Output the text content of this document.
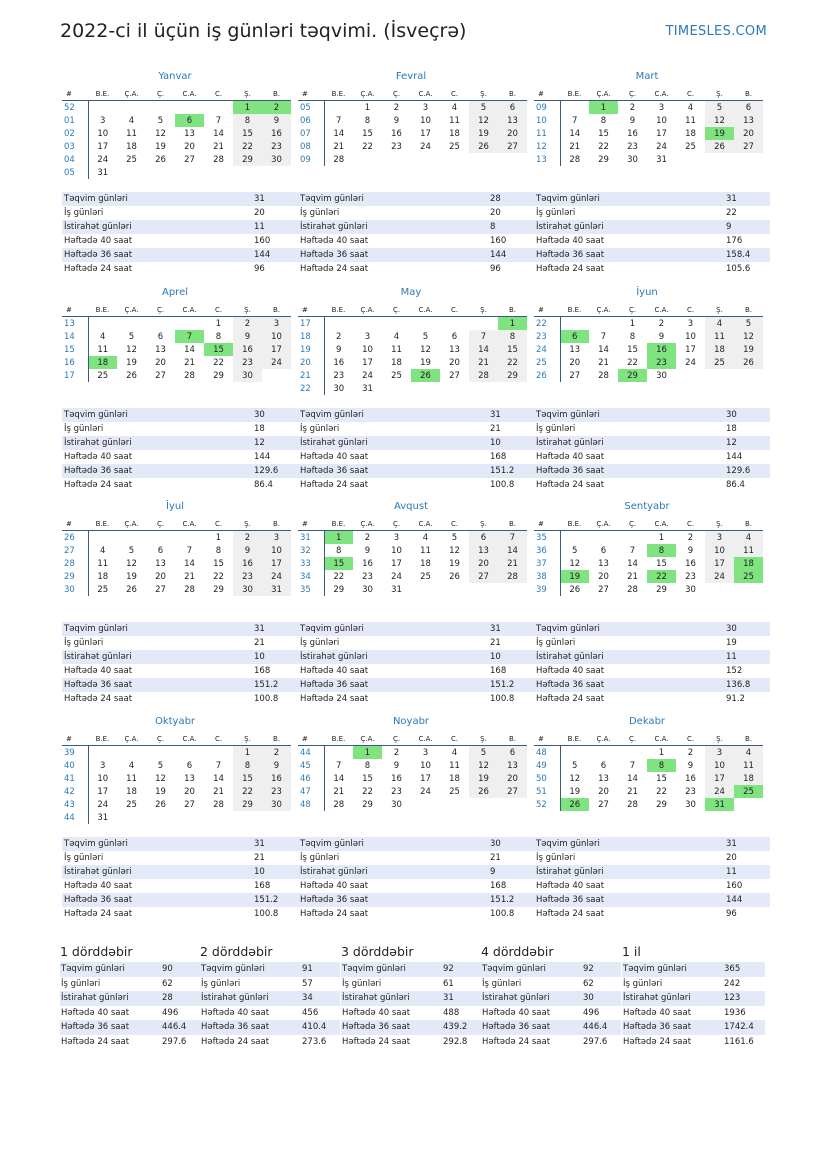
2022-ci il üçün iş günləri təqvimi. (İsveçrə)	TIMESLES.COM
Yanvar
#	B.E.	Ç.A.	Ç.	C.A.	C.	Ş.	B.
52						1	2
01	3	4	5	6	7	8	9
02	10	11	12	13	14	15	16
03	17	18	19	20	21	22	23
04	24	25	26	27	28	29	30
05	31						
Təqvim günləri	31
İş günləri	20
İstirahət günləri	11
Həftədə 40 saat	160
Həftədə 36 saat	144
Həftədə 24 saat	96
Fevral
#	B.E.	Ç.A.	Ç.	C.A.	C.	Ş.	B.
05		1	2	3	4	5	6
06	7	8	9	10	11	12	13
07	14	15	16	17	18	19	20
08	21	22	23	24	25	26	27
09	28						
Təqvim günləri	28
İş günləri	20
İstirahət günləri	8
Həftədə 40 saat	160
Həftədə 36 saat	144
Həftədə 24 saat	96
Mart
#	B.E.	Ç.A.	Ç.	C.A.	C.	Ş.	B.
09		1	2	3	4	5	6
10	7	8	9	10	11	12	13
11	14	15	16	17	18	19	20
12	21	22	23	24	25	26	27
13	28	29	30	31			
Təqvim günləri	31
İş günləri	22
İstirahət günləri	9
Həftədə 40 saat	176
Həftədə 36 saat	158.4
Həftədə 24 saat	105.6
Aprel
#	B.E.	Ç.A.	Ç.	C.A.	C.	Ş.	B.
13					1	2	3
14	4	5	6	7	8	9	10
15	11	12	13	14	15	16	17
16	18	19	20	21	22	23	24
17	25	26	27	28	29	30	
Təqvim günləri	30
İş günləri	18
İstirahət günləri	12
Həftədə 40 saat	144
Həftədə 36 saat	129.6
Həftədə 24 saat	86.4
May
#	B.E.	Ç.A.	Ç.	C.A.	C.	Ş.	B.
17							1
18	2	3	4	5	6	7	8
19	9	10	11	12	13	14	15
20	16	17	18	19	20	21	22
21	23	24	25	26	27	28	29
22	30	31					
Təqvim günləri	31
İş günləri	21
İstirahət günləri	10
Həftədə 40 saat	168
Həftədə 36 saat	151.2
Həftədə 24 saat	100.8
İyun
#	B.E.	Ç.A.	Ç.	C.A.	C.	Ş.	B.
22			1	2	3	4	5
23	6	7	8	9	10	11	12
24	13	14	15	16	17	18	19
25	20	21	22	23	24	25	26
26	27	28	29	30			
Təqvim günləri	30
İş günləri	18
İstirahət günləri	12
Həftədə 40 saat	144
Həftədə 36 saat	129.6
Həftədə 24 saat	86.4
İyul
#	B.E.	Ç.A.	Ç.	C.A.	C.	Ş.	B.
26					1	2	3
27	4	5	6	7	8	9	10
28	11	12	13	14	15	16	17
29	18	19	20	21	22	23	24
30	25	26	27	28	29	30	31
Təqvim günləri	31
İş günləri	21
İstirahət günləri	10
Həftədə 40 saat	168
Həftədə 36 saat	151.2
Həftədə 24 saat	100.8
Avqust
#	B.E.	Ç.A.	Ç.	C.A.	C.	Ş.	B.
31	1	2	3	4	5	6	7
32	8	9	10	11	12	13	14
33	15	16	17	18	19	20	21
34	22	23	24	25	26	27	28
35	29	30	31				
Təqvim günləri	31
İş günləri	21
İstirahət günləri	10
Həftədə 40 saat	168
Həftədə 36 saat	151.2
Həftədə 24 saat	100.8
Sentyabr
#	B.E.	Ç.A.	Ç.	C.A.	C.	Ş.	B.
35				1	2	3	4
36	5	6	7	8	9	10	11
37	12	13	14	15	16	17	18
38	19	20	21	22	23	24	25
39	26	27	28	29	30		
Təqvim günləri	30
İş günləri	19
İstirahət günləri	11
Həftədə 40 saat	152
Həftədə 36 saat	136.8
Həftədə 24 saat	91.2
Oktyabr
#	B.E.	Ç.A.	Ç.	C.A.	C.	Ş.	B.
39						1	2
40	3	4	5	6	7	8	9
41	10	11	12	13	14	15	16
42	17	18	19	20	21	22	23
43	24	25	26	27	28	29	30
44	31						
Təqvim günləri	31
İş günləri	21
İstirahət günləri	10
Həftədə 40 saat	168
Həftədə 36 saat	151.2
Həftədə 24 saat	100.8
Noyabr
#	B.E.	Ç.A.	Ç.	C.A.	C.	Ş.	B.
44		1	2	3	4	5	6
45	7	8	9	10	11	12	13
46	14	15	16	17	18	19	20
47	21	22	23	24	25	26	27
48	28	29	30				
Təqvim günləri	30
İş günləri	21
İstirahət günləri	9
Həftədə 40 saat	168
Həftədə 36 saat	151.2
Həftədə 24 saat	100.8
Dekabr
#	B.E.	Ç.A.	Ç.	C.A.	C.	Ş.	B.
48				1	2	3	4
49	5	6	7	8	9	10	11
50	12	13	14	15	16	17	18
51	19	20	21	22	23	24	25
52	26	27	28	29	30	31	
Təqvim günləri	31
İş günləri	20
İstirahət günləri	11
Həftədə 40 saat	160
Həftədə 36 saat	144
Həftədə 24 saat	96
1 dörddəbir
Təqvim günləri	90
İş günləri	62
İstirahət günləri	28
Həftədə 40 saat	496
Həftədə 36 saat	446.4
Həftədə 24 saat	297.6
2 dörddəbir
Təqvim günləri	91
İş günləri	57
İstirahət günləri	34
Həftədə 40 saat	456
Həftədə 36 saat	410.4
Həftədə 24 saat	273.6
3 dörddəbir
Təqvim günləri	92
İş günləri	61
İstirahət günləri	31
Həftədə 40 saat	488
Həftədə 36 saat	439.2
Həftədə 24 saat	292.8
4 dörddəbir
Təqvim günləri	92
İş günləri	62
İstirahət günləri	30
Həftədə 40 saat	496
Həftədə 36 saat	446.4
Həftədə 24 saat	297.6
1 il
Təqvim günləri	365
İş günləri	242
İstirahət günləri	123
Həftədə 40 saat	1936
Həftədə 36 saat	1742.4
Həftədə 24 saat	1161.6
